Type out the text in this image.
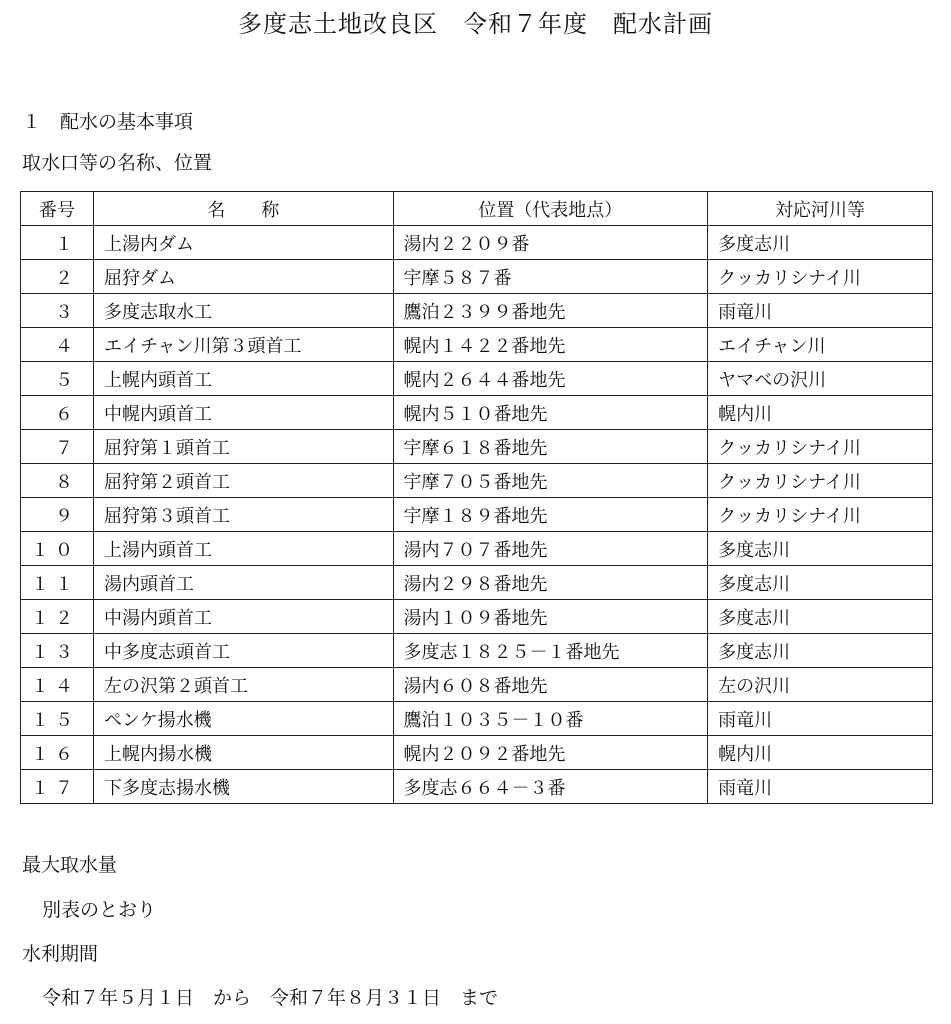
多度志土地改良区　令和７年度　配水計画
１　配水の基本事項
取水口等の名称、位置
番号	名　　称	位置（代表地点）	対応河川等
１	上湯内ダム	湯内２２０９番	多度志川
２	屈狩ダム	宇摩５８７番	クッカリシナイ川
３	多度志取水工	鷹泊２３９９番地先	雨竜川
４	エイチャン川第３頭首工	幌内１４２２番地先	エイチャン川
５	上幌内頭首工	幌内２６４４番地先	ヤマベの沢川
６	中幌内頭首工	幌内５１０番地先	幌内川
７	屈狩第１頭首工	宇摩６１８番地先	クッカリシナイ川
８	屈狩第２頭首工	宇摩７０５番地先	クッカリシナイ川
９	屈狩第３頭首工	宇摩１８９番地先	クッカリシナイ川
１０	上湯内頭首工	湯内７０７番地先	多度志川
１１	湯内頭首工	湯内２９８番地先	多度志川
１２	中湯内頭首工	湯内１０９番地先	多度志川
１３	中多度志頭首工	多度志１８２５－１番地先	多度志川
１４	左の沢第２頭首工	湯内６０８番地先	左の沢川
１５	ペンケ揚水機	鷹泊１０３５－１０番	雨竜川
１６	上幌内揚水機	幌内２０９２番地先	幌内川
１７	下多度志揚水機	多度志６６４－３番	雨竜川
最大取水量
別表のとおり
水利期間
令和７年５月１日　から　令和７年８月３１日　まで
